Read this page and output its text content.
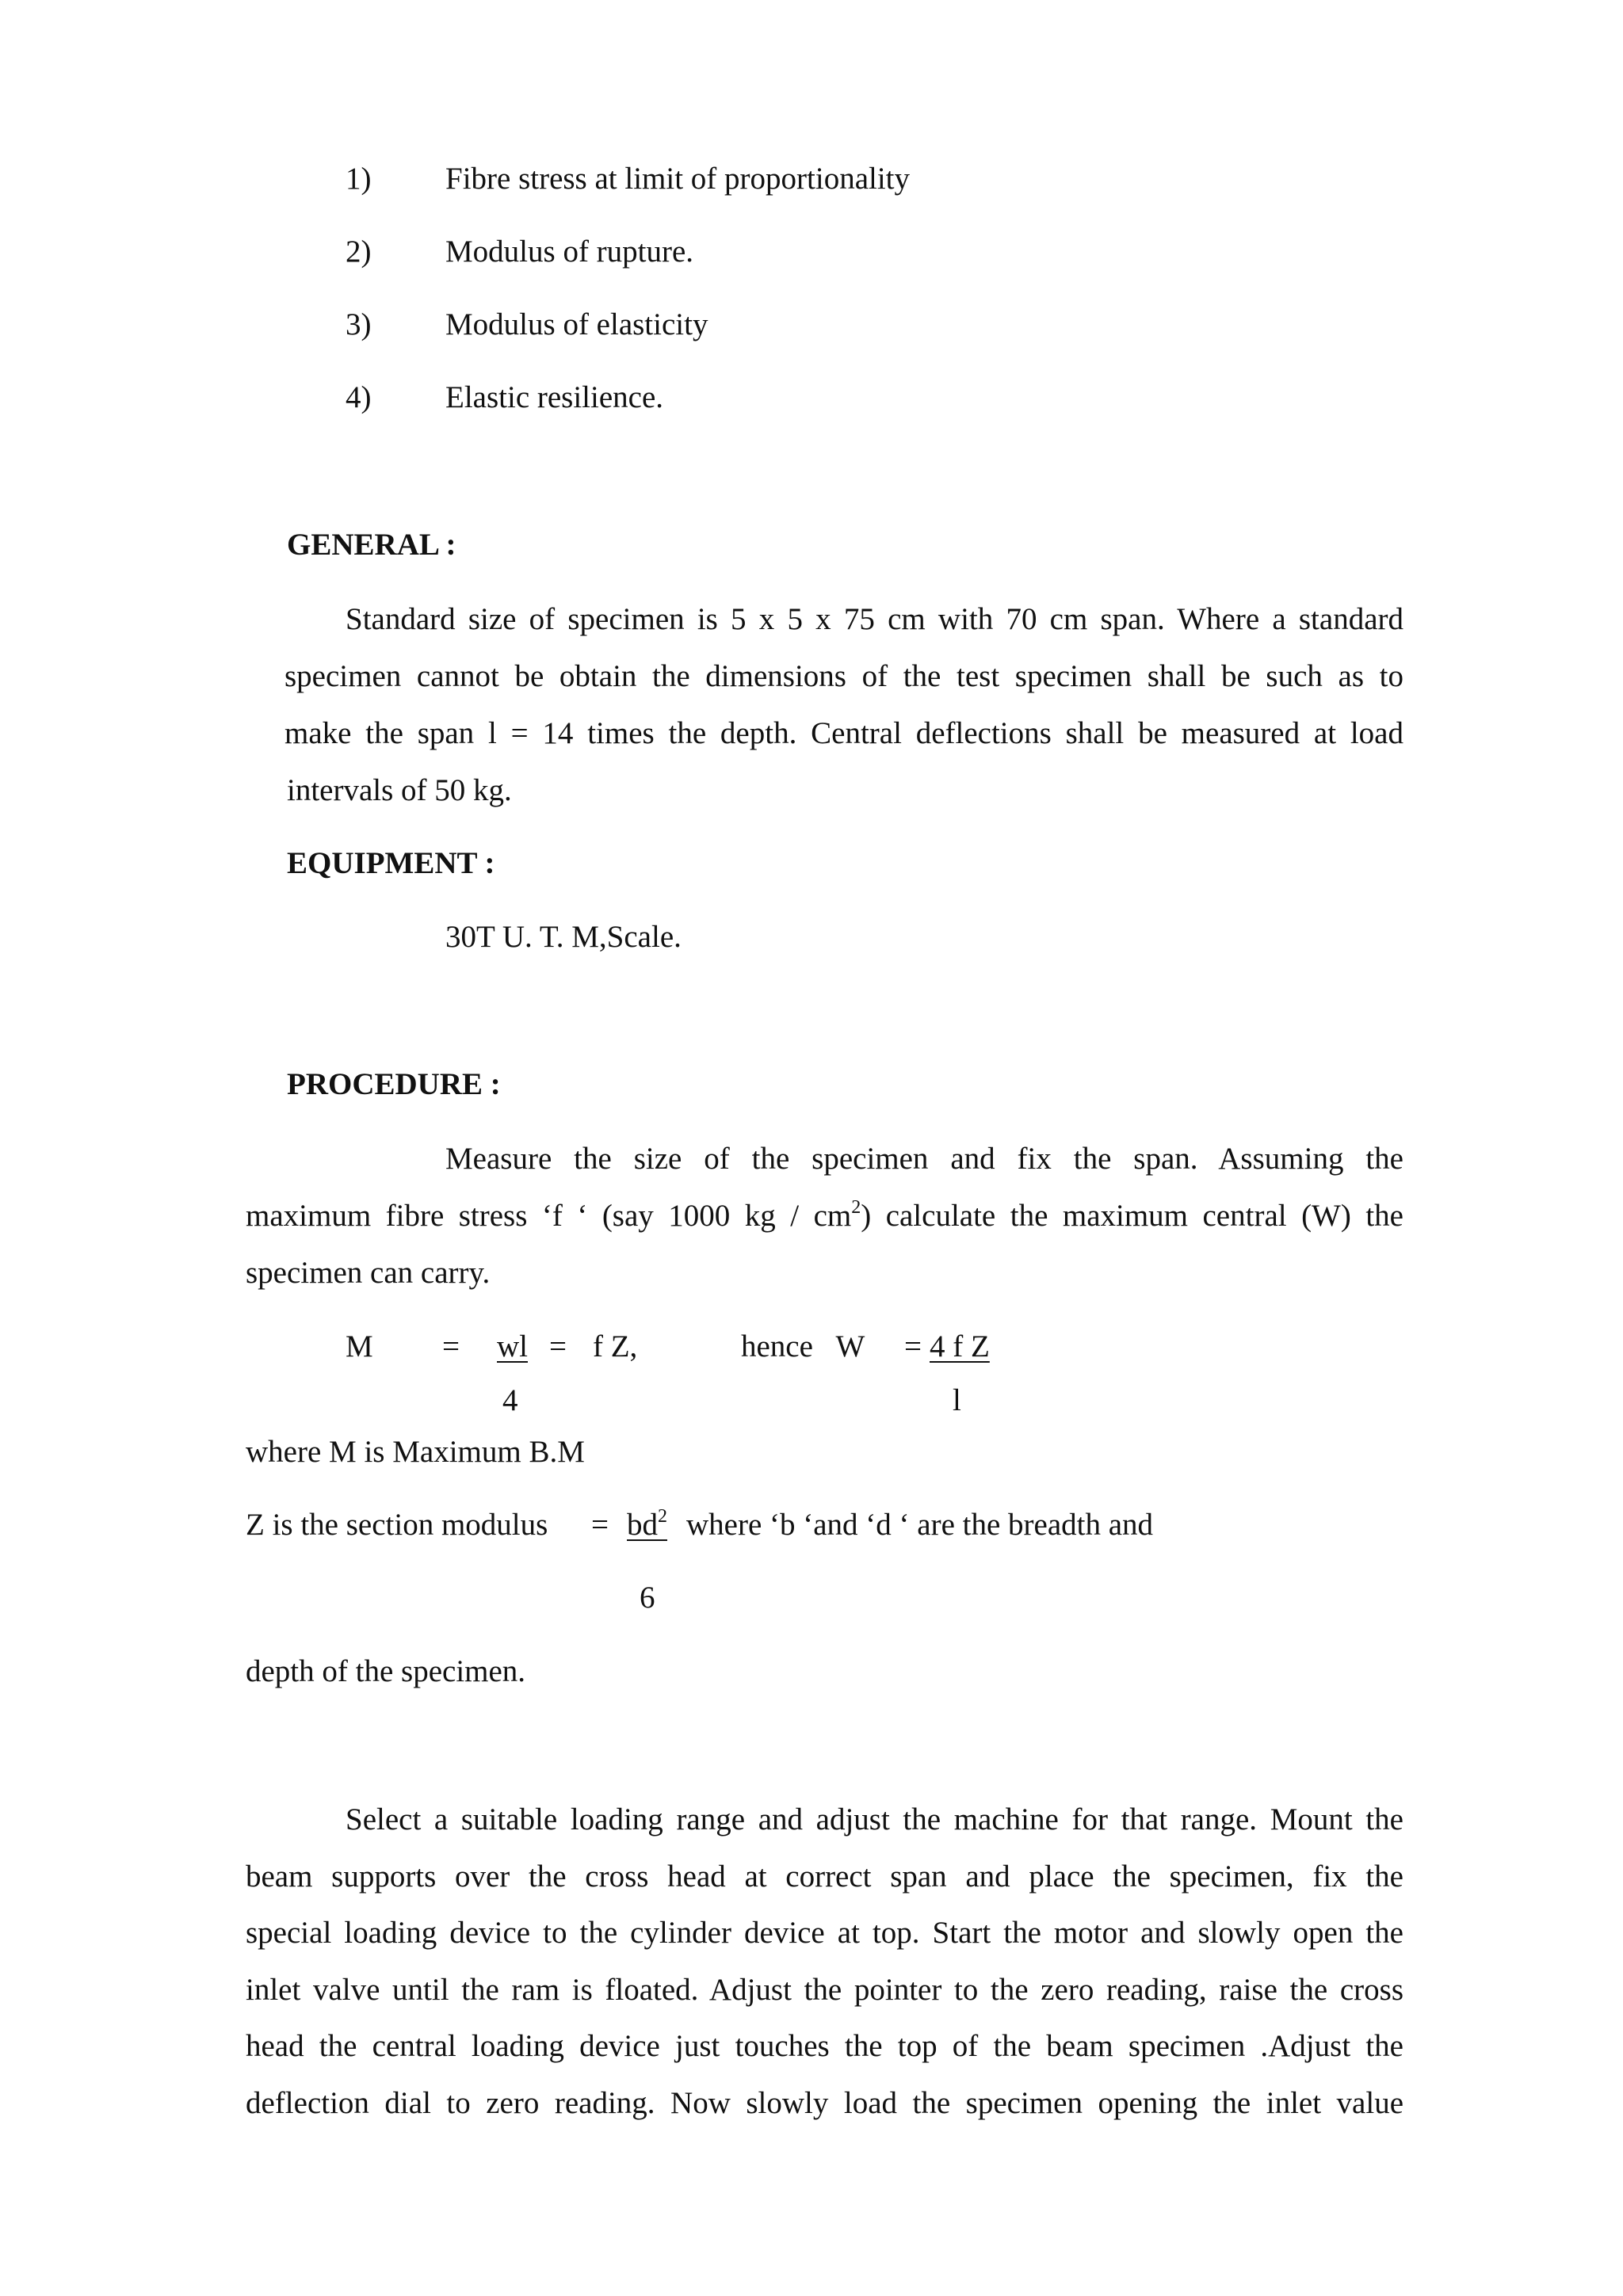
1) Fibre stress at limit of proportionality
2) Modulus of rupture.
3) Modulus of elasticity
4) Elastic resilience.
GENERAL :
Standard size of specimen is 5 x 5 x 75 cm with 70 cm span. Where a standard
specimen cannot be obtain the dimensions of the test specimen shall be such as to
make the span l = 14 times the depth. Central deflections shall be measured at load
intervals of 50 kg.
EQUIPMENT :
30T U. T. M,Scale.
PROCEDURE :
Measure the size of the specimen and fix the span. Assuming the
maximum fibre stress ‘f ‘ (say 1000 kg / $cm^2$) calculate the maximum central (W) the
specimen can carry.
M = wl = f Z,	hence   W = 4 f Z
4	l
where M is Maximum B.M
Z is the section modulus = $bd^2$ where ‘b ‘and ‘d ‘ are the breadth and
6
depth of the specimen.
Select a suitable loading range and adjust the machine for that range. Mount the
beam supports over the cross head at correct span and place the specimen, fix the
special loading device to the cylinder device at top. Start the motor and slowly open the
inlet valve until the ram is floated. Adjust the pointer to the zero reading, raise the cross
head the central loading device just touches the top of the beam specimen .Adjust the
deflection dial to zero reading. Now slowly load the specimen opening the inlet value
